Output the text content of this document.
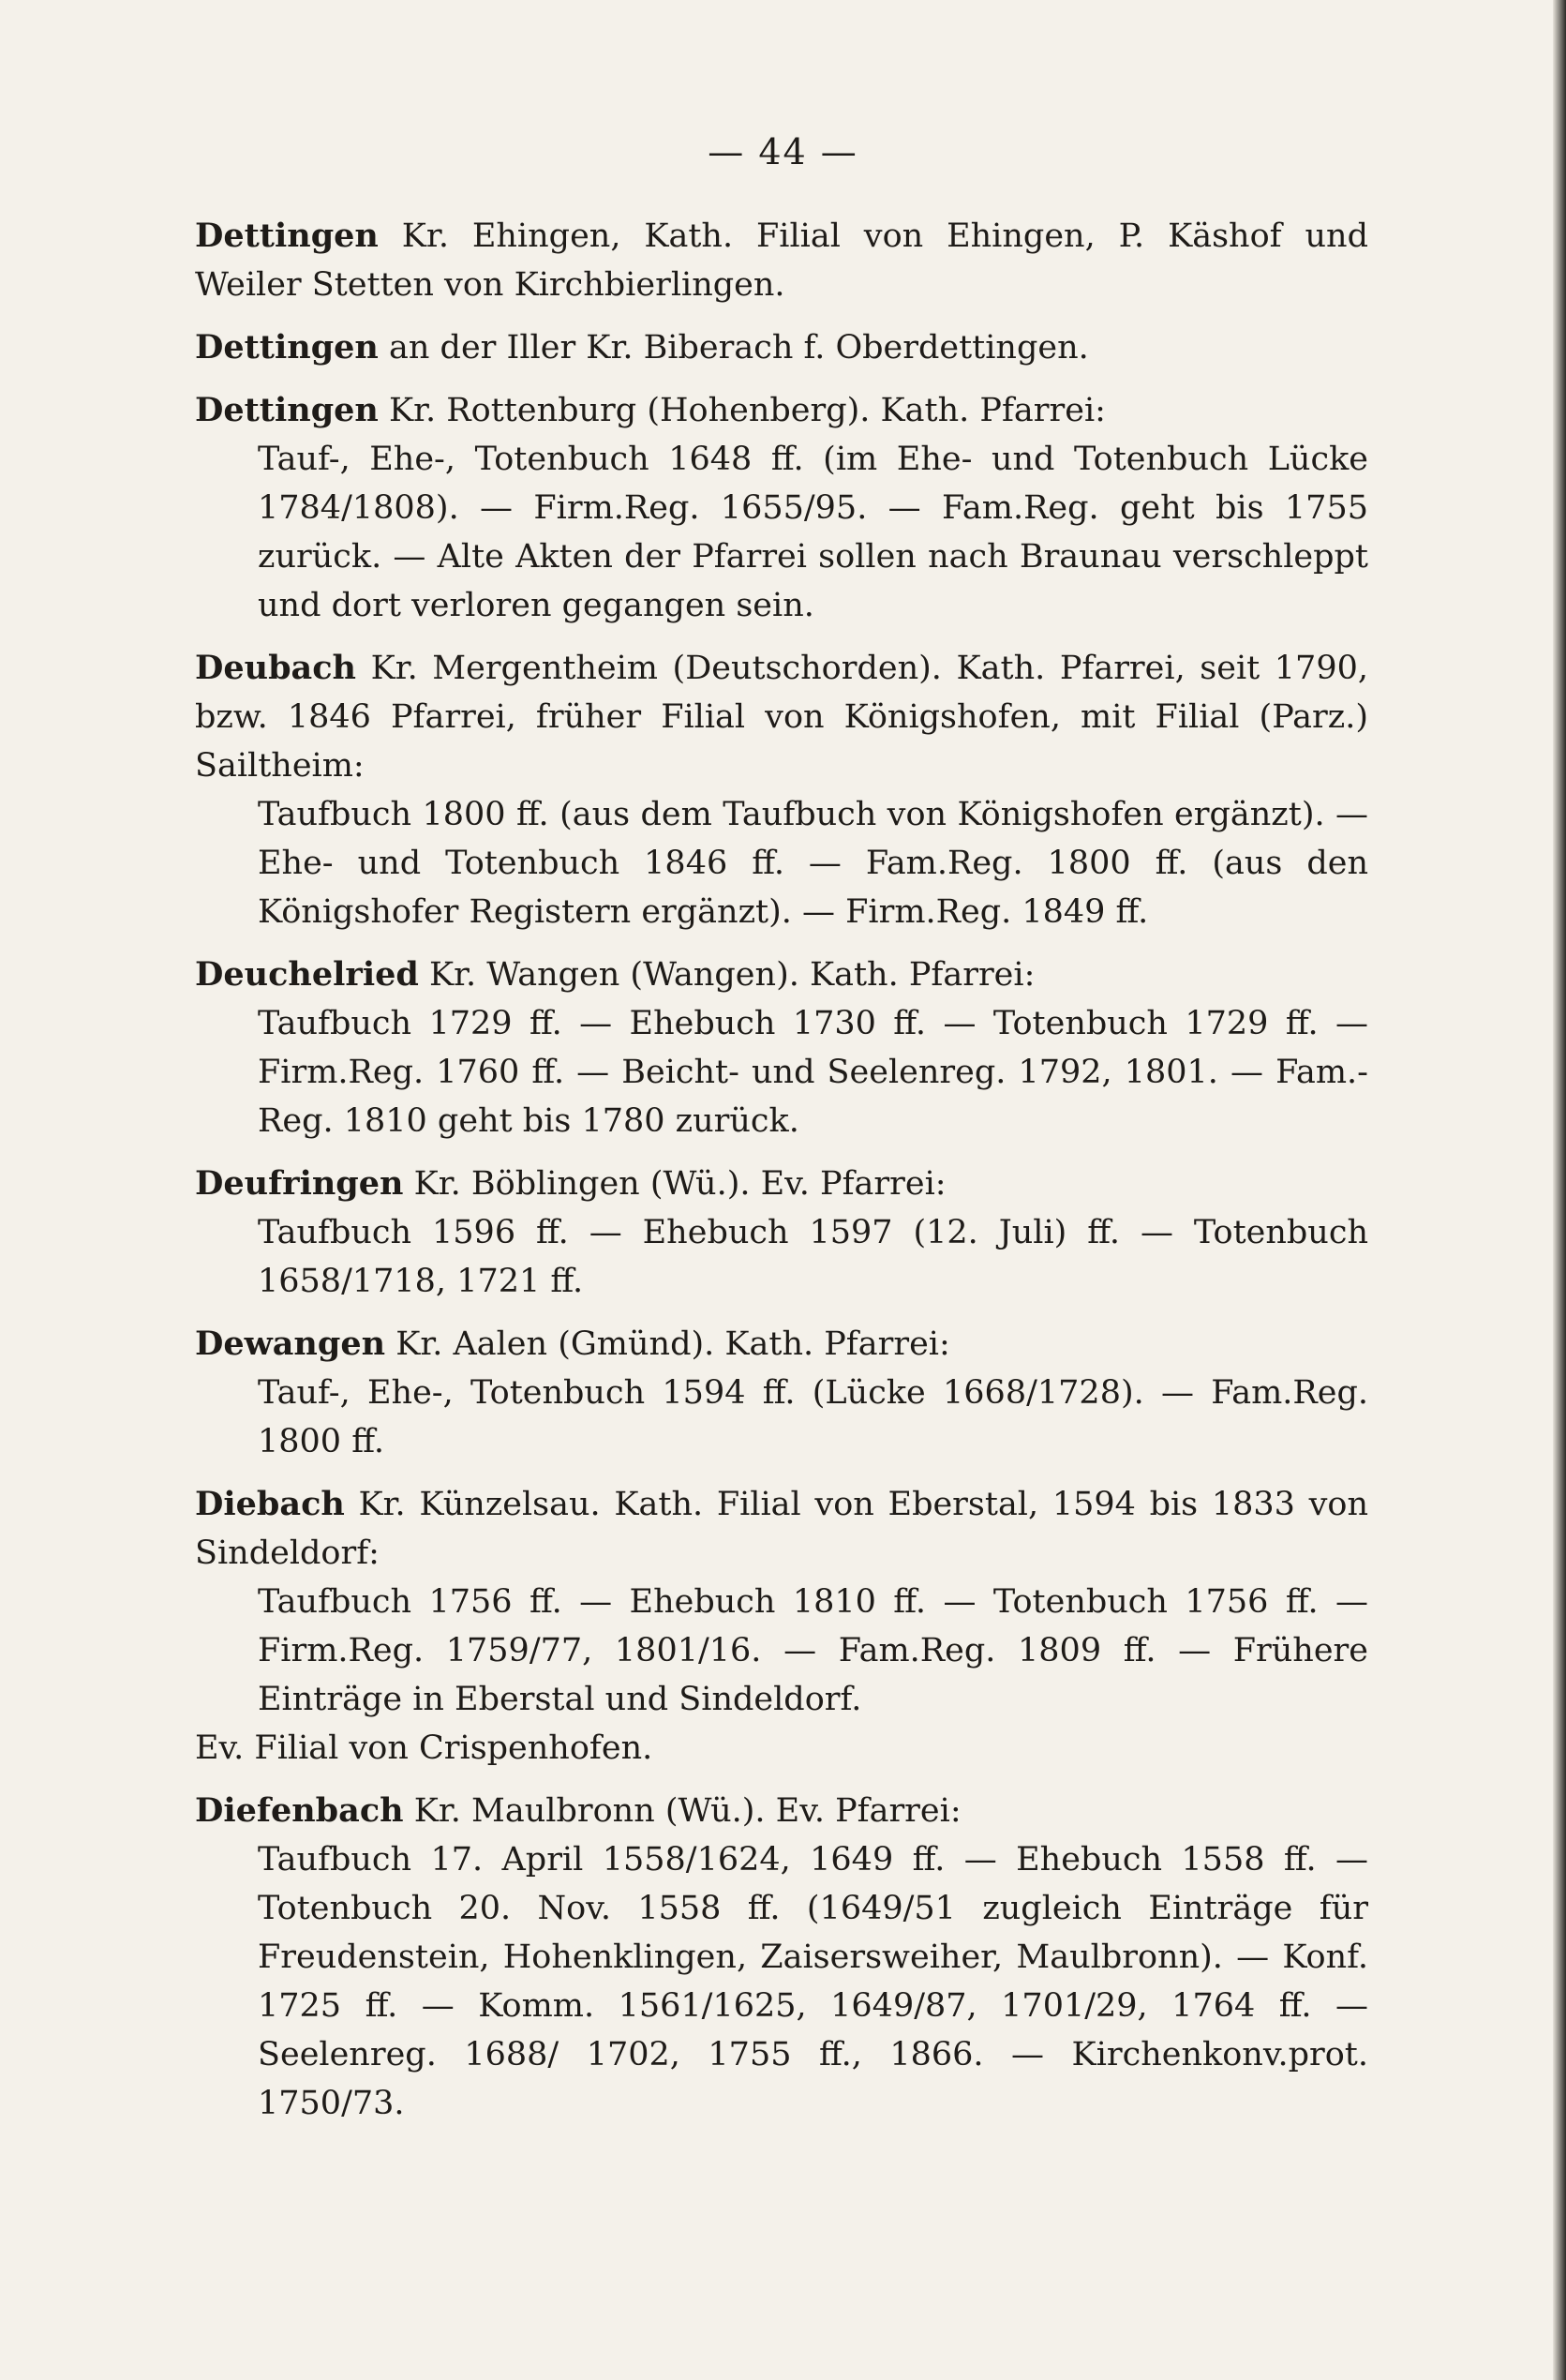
— 44 —

Dettingen Kr. Ehingen, Kath. Filial von Ehingen, P. Käshof und Weiler Stetten von Kirchbierlingen.

Dettingen an der Iller Kr. Biberach f. Oberdettingen.

Dettingen Kr. Rottenburg (Hohenberg). Kath. Pfarrei:

Tauf-, Ehe-, Totenbuch 1648 ff. (im Ehe- und Totenbuch Lücke 1784/1808). — Firm.Reg. 1655/95. — Fam.Reg. geht bis 1755 zurück. — Alte Akten der Pfarrei sollen nach Braunau verschleppt und dort verloren gegangen sein.

Deubach Kr. Mergentheim (Deutschorden). Kath. Pfarrei, seit 1790, bzw. 1846 Pfarrei, früher Filial von Königshofen, mit Filial (Parz.) Sailtheim:

Taufbuch 1800 ff. (aus dem Taufbuch von Königshofen ergänzt). — Ehe- und Totenbuch 1846 ff. — Fam.Reg. 1800 ff. (aus den Königshofer Registern ergänzt). — Firm.Reg. 1849 ff.

Deuchelried Kr. Wangen (Wangen). Kath. Pfarrei:

Taufbuch 1729 ff. — Ehebuch 1730 ff. — Totenbuch 1729 ff. — Firm.Reg. 1760 ff. — Beicht- und Seelenreg. 1792, 1801. — Fam.-Reg. 1810 geht bis 1780 zurück.

Deufringen Kr. Böblingen (Wü.). Ev. Pfarrei:

Taufbuch 1596 ff. — Ehebuch 1597 (12. Juli) ff. — Totenbuch 1658/1718, 1721 ff.

Dewangen Kr. Aalen (Gmünd). Kath. Pfarrei:

Tauf-, Ehe-, Totenbuch 1594 ff. (Lücke 1668/1728). — Fam.Reg. 1800 ff.

Diebach Kr. Künzelsau. Kath. Filial von Eberstal, 1594 bis 1833 von Sindeldorf:

Taufbuch 1756 ff. — Ehebuch 1810 ff. — Totenbuch 1756 ff. — Firm.Reg. 1759/77, 1801/16. — Fam.Reg. 1809 ff. — Frühere Einträge in Eberstal und Sindeldorf.

Ev. Filial von Crispenhofen.

Diefenbach Kr. Maulbronn (Wü.). Ev. Pfarrei:

Taufbuch 17. April 1558/1624, 1649 ff. — Ehebuch 1558 ff. — Totenbuch 20. Nov. 1558 ff. (1649/51 zugleich Einträge für Freudenstein, Hohenklingen, Zaisersweiher, Maulbronn). — Konf. 1725 ff. — Komm. 1561/1625, 1649/87, 1701/29, 1764 ff. — Seelenreg. 1688/ 1702, 1755 ff., 1866. — Kirchenkonv.prot. 1750/73.
